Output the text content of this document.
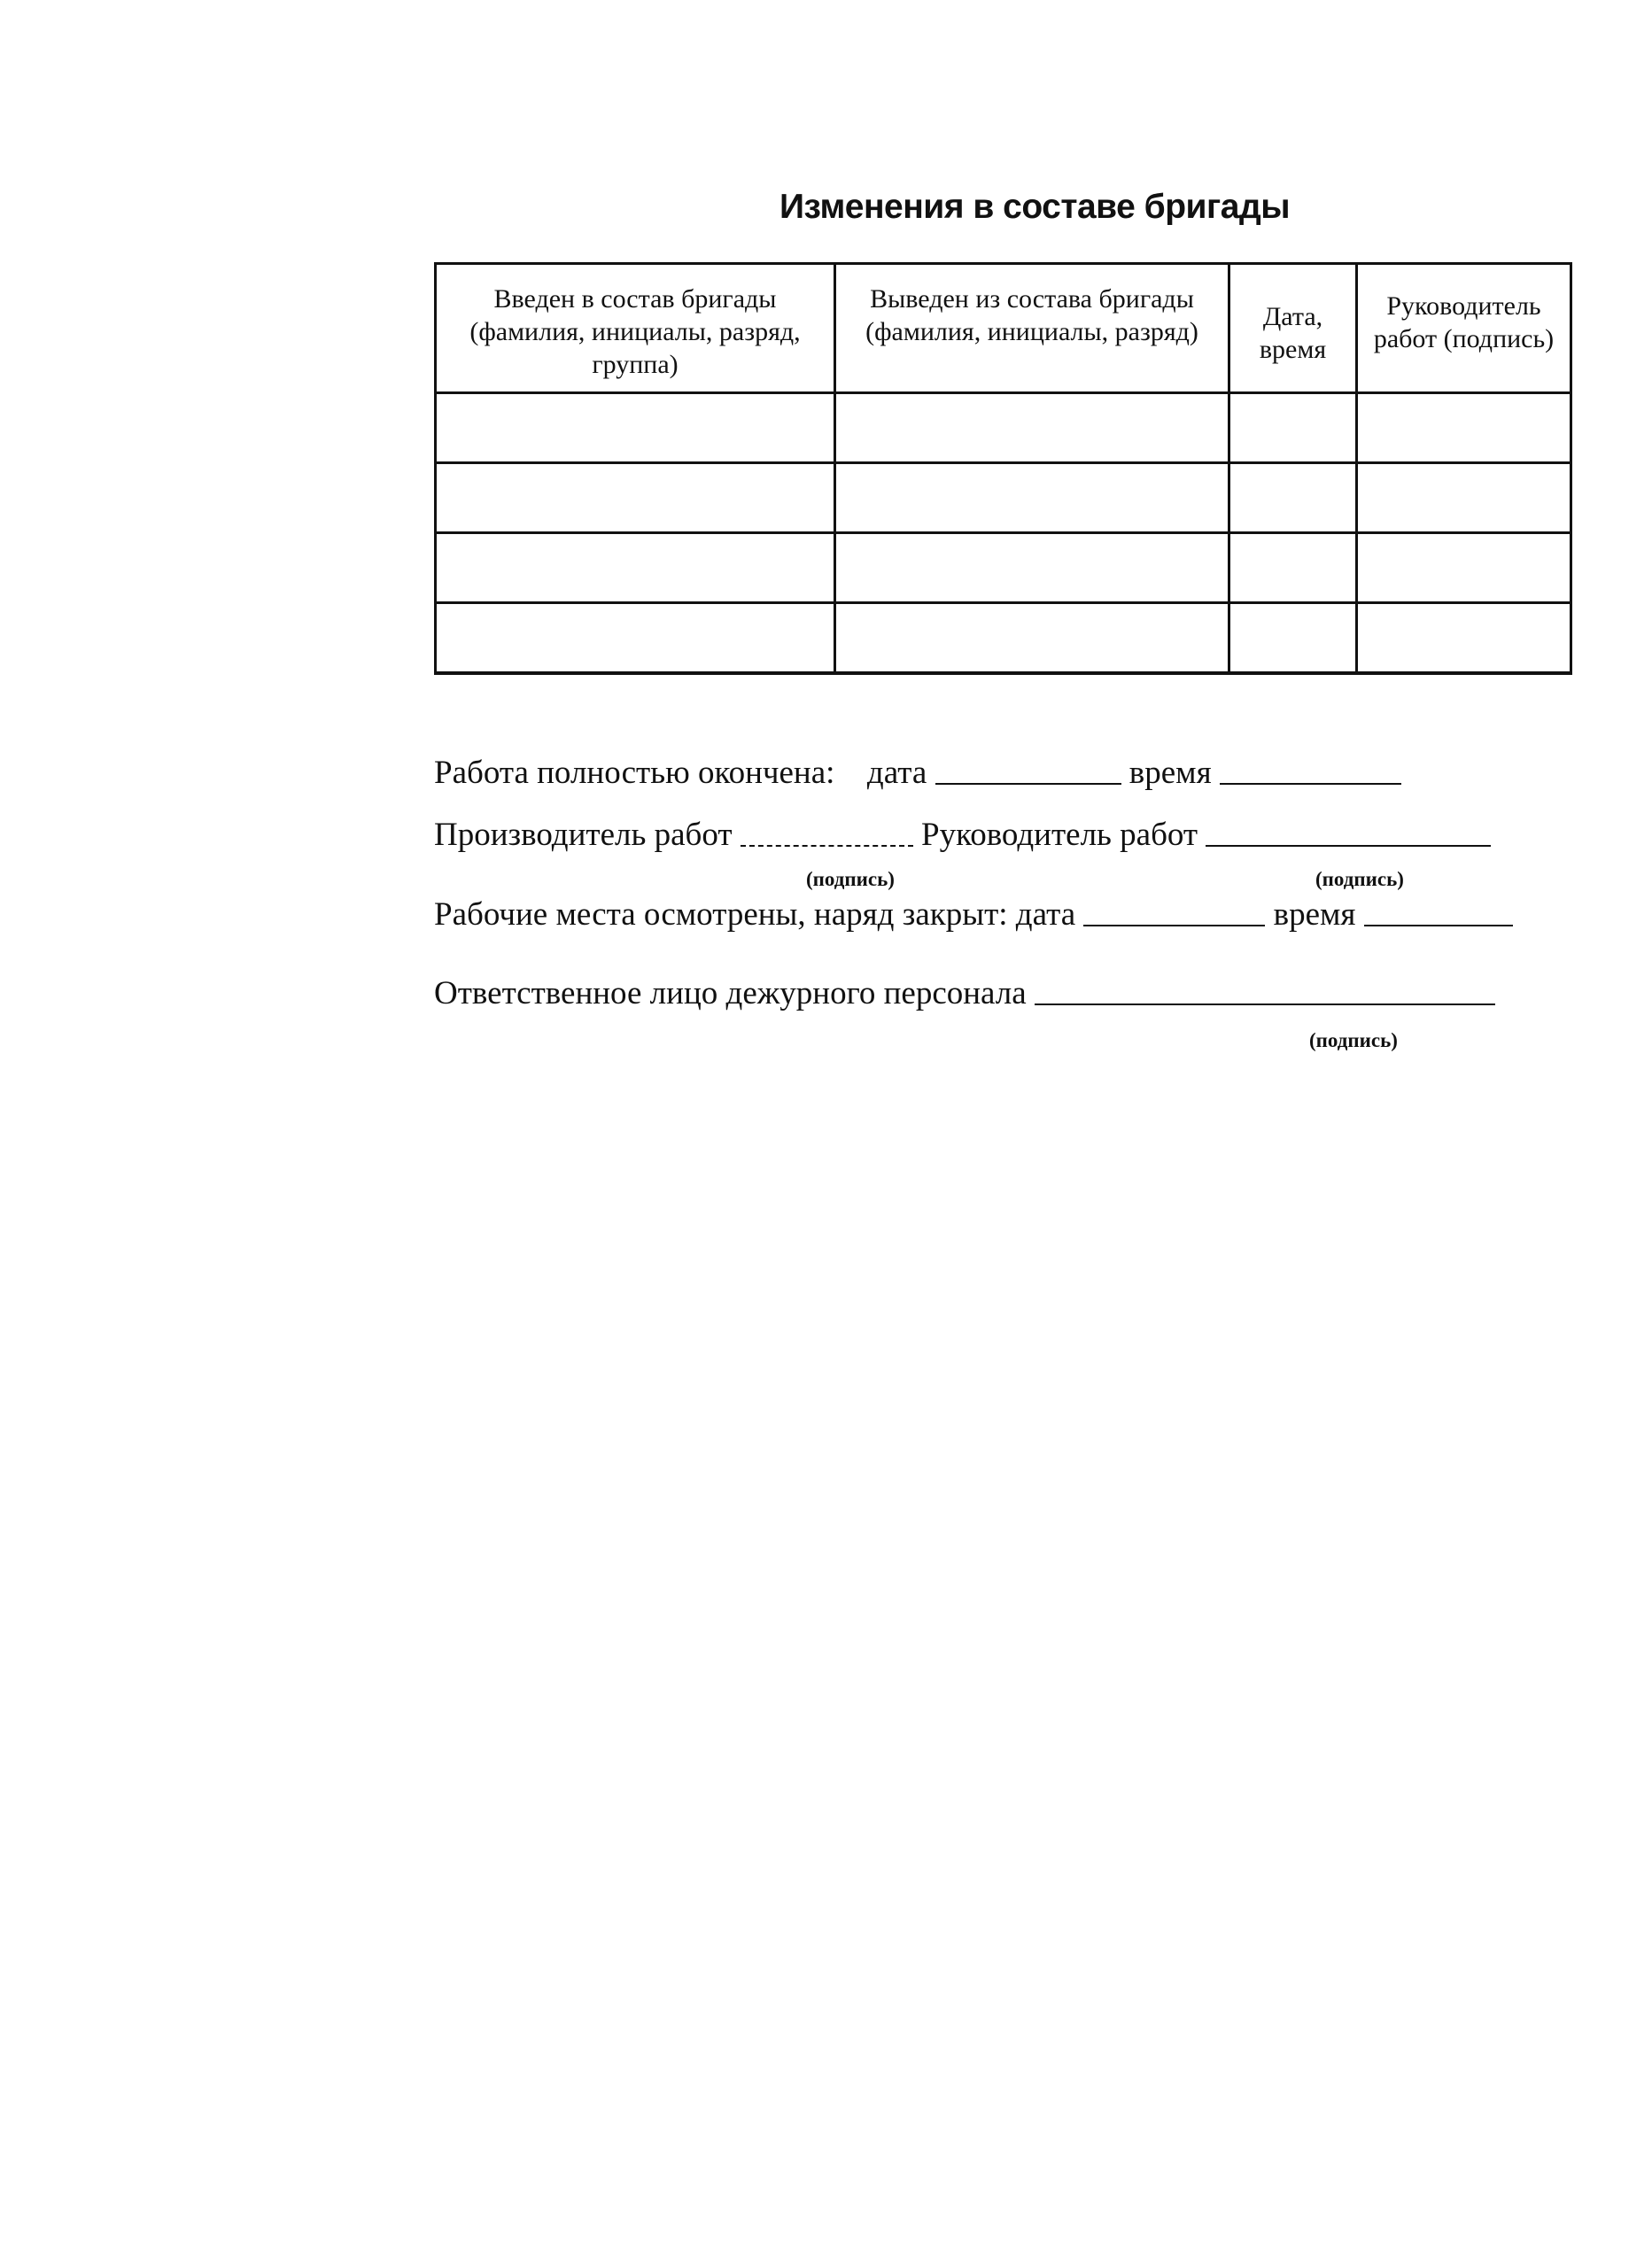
Изменения в составе бригады
Введен в состав бригады (фамилия, инициалы, разряд, группа)	Выведен из состава бригады (фамилия, инициалы, разряд)	Дата, время	Руководитель работ (подпись)

Работа полностью окончена: дата	время
Производитель работ	Руководитель работ
(подпись)	(подпись)
Рабочие места осмотрены, наряд закрыт: дата	время
Ответственное лицо дежурного персонала
(подпись)
